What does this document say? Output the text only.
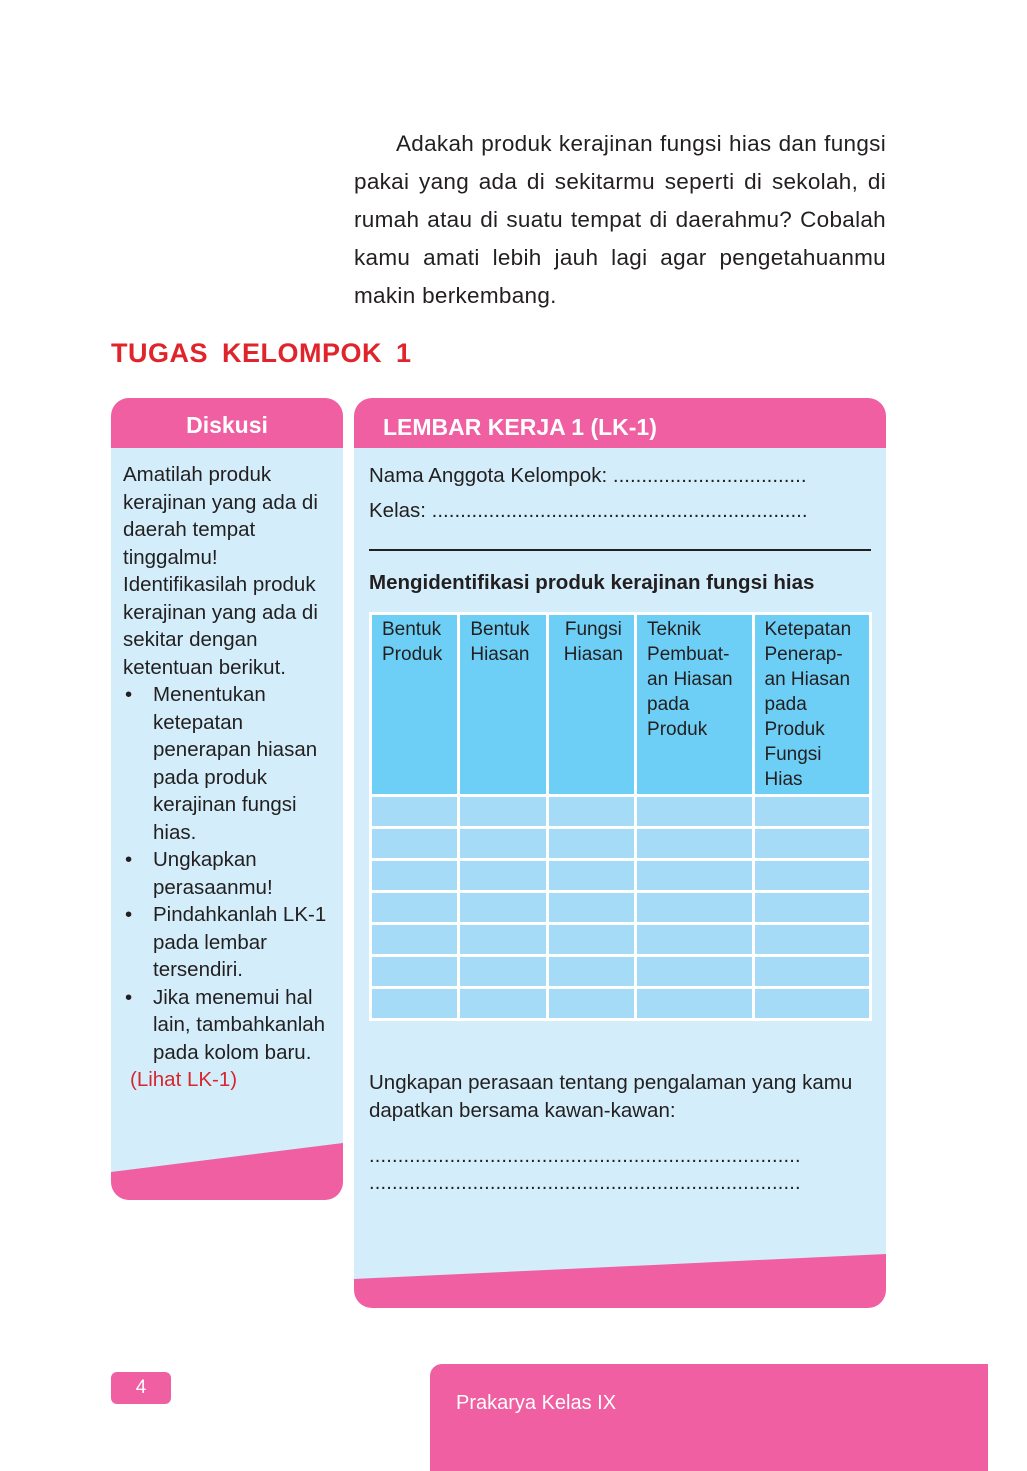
Adakah produk kerajinan fungsi hias dan fungsi pakai yang ada di sekitarmu seperti di sekolah, di rumah atau di suatu tempat di daerahmu? Cobalah kamu amati lebih jauh lagi agar pengetahuanmu makin berkembang.

TUGAS KELOMPOK 1
Diskusi

Amatilah produk kerajinan yang ada di daerah tempat tinggalmu! Identifikasilah produk kerajinan yang ada di sekitar dengan ketentuan berikut.

• Menentukan ketepatan penerapan hiasan pada produk kerajinan fungsi hias.
• Ungkapkan perasaanmu!
• Pindahkanlah LK-1 pada lembar tersendiri.
• Jika menemui hal lain, tambahkanlah pada kolom baru.
(Lihat LK-1)
LEMBAR KERJA 1 (LK-1)
Nama Anggota Kelompok: ..................................
Kelas: ..................................................................
Mengidentifikasi produk kerajinan fungsi hias
Bentuk Produk	Bentuk Hiasan	Fungsi Hiasan	Teknik Pembuat-an Hiasan pada Produk	Ketepatan Penerap-an Hiasan pada Produk Fungsi Hias

Ungkapan perasaan tentang pengalaman yang kamu dapatkan bersama kawan-kawan:
...........................................................................
...........................................................................
4
Prakarya Kelas IX
